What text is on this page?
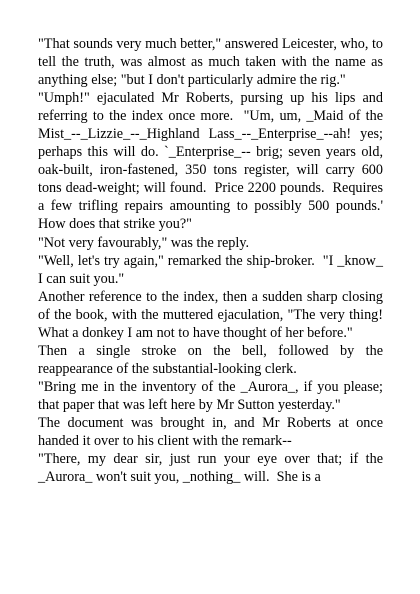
"That sounds very much better," answered Leicester, who, to tell the truth, was almost as much taken with the name as anything else; "but I don't particularly admire the rig."

"Umph!" ejaculated Mr Roberts, pursing up his lips and referring to the index once more.  "Um, um, _Maid of the Mist_--_Lizzie_--_Highland Lass_--_Enterprise_--ah! yes; perhaps this will do. `_Enterprise_-- brig; seven years old, oak-built, iron-fastened, 350 tons register, will carry 600 tons dead-weight; will found.  Price 2200 pounds.  Requires a few trifling repairs amounting to possibly 500 pounds.'  How does that strike you?"

"Not very favourably," was the reply.

"Well, let's try again," remarked the ship-broker.  "I _know_ I can suit you."

Another reference to the index, then a sudden sharp closing of the book, with the muttered ejaculation, "The very thing!  What a donkey I am not to have thought of her before."

Then a single stroke on the bell, followed by the reappearance of the substantial-looking clerk.

"Bring me in the inventory of the _Aurora_, if you please; that paper that was left here by Mr Sutton yesterday."

The document was brought in, and Mr Roberts at once handed it over to his client with the remark--

"There, my dear sir, just run your eye over that; if the _Aurora_ won't suit you, _nothing_ will.  She is a
